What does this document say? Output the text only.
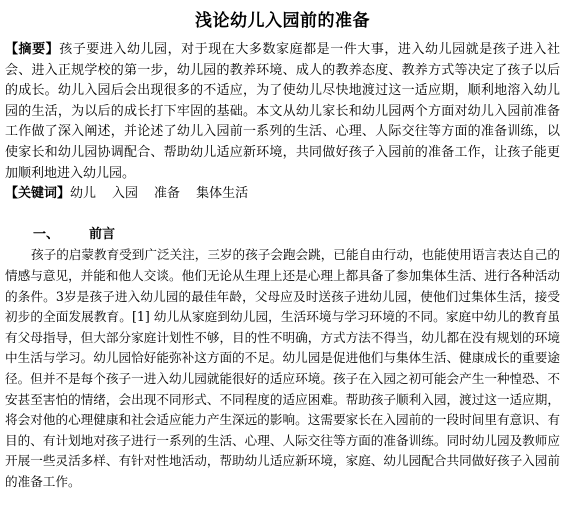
浅论幼儿入园前的准备

【摘要】孩子要进入幼儿园，对于现在大多数家庭都是一件大事，进入幼儿园就是孩子进入社会、进入正规学校的第一步，幼儿园的教养环境、成人的教养态度、教养方式等决定了孩子以后的成长。幼儿入园后会出现很多的不适应，为了使幼儿尽快地渡过这一适应期，顺利地溶入幼儿园的生活，为以后的成长打下牢固的基础。本文从幼儿家长和幼儿园两个方面对幼儿入园前准备工作做了深入阐述，并论述了幼儿入园前一系列的生活、心理、人际交往等方面的准备训练，以使家长和幼儿园协调配合、帮助幼儿适应新环境，共同做好孩子入园前的准备工作，让孩子能更加顺利地进入幼儿园。

【关键词】幼儿 入园 准备 集体生活

一、 前言

孩子的启蒙教育受到广泛关注，三岁的孩子会跑会跳，已能自由行动，也能使用语言表达自己的情感与意见，并能和他人交谈。他们无论从生理上还是心理上都具备了参加集体生活、进行各种活动的条件。3岁是孩子进入幼儿园的最佳年龄，父母应及时送孩子进幼儿园，使他们过集体生活，接受初步的全面发展教育。[1] 幼儿从家庭到幼儿园，生活环境与学习环境的不同。家庭中幼儿的教育虽有父母指导，但大部分家庭计划性不够，目的性不明确，方式方法不得当，幼儿都在没有规划的环境中生活与学习。幼儿园恰好能弥补这方面的不足。幼儿园是促进他们与集体生活、健康成长的重要途径。但并不是每个孩子一进入幼儿园就能很好的适应环境。孩子在入园之初可能会产生一种惶恐、不安甚至害怕的情绪，会出现不同形式、不同程度的适应困难。帮助孩子顺利入园，渡过这一适应期，将会对他的心理健康和社会适应能力产生深远的影响。这需要家长在入园前的一段时间里有意识、有目的、有计划地对孩子进行一系列的生活、心理、人际交往等方面的准备训练。同时幼儿园及教师应开展一些灵活多样、有针对性地活动，帮助幼儿适应新环境，家庭、幼儿园配合共同做好孩子入园前的准备工作。
